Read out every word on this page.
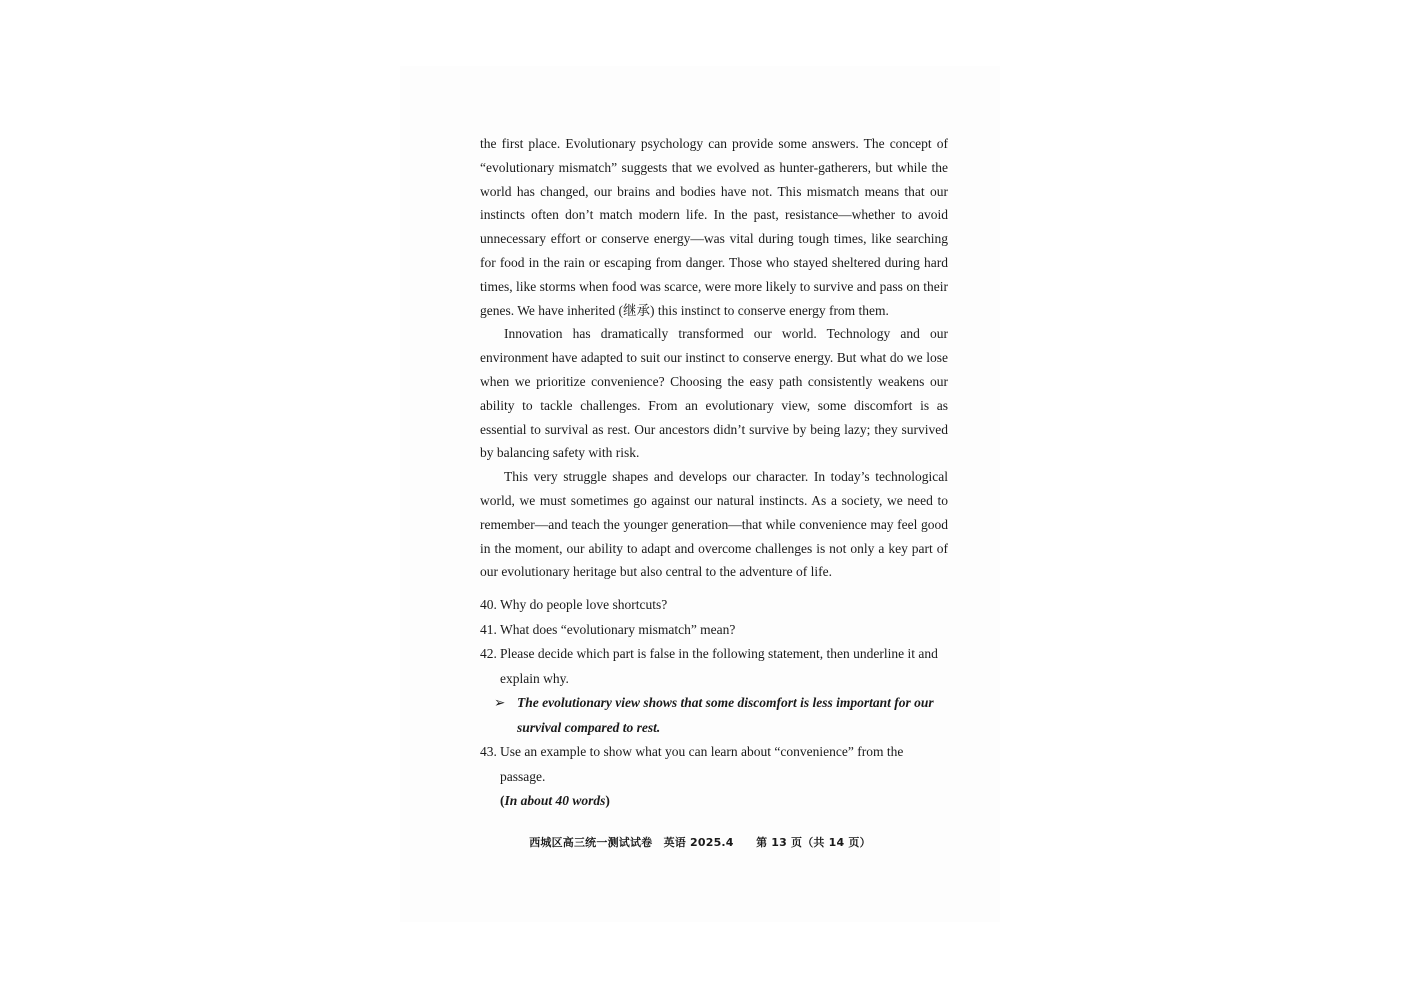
the first place. Evolutionary psychology can provide some answers. The concept of “evolutionary mismatch” suggests that we evolved as hunter-gatherers, but while the world has changed, our brains and bodies have not. This mismatch means that our instincts often don’t match modern life. In the past, resistance—whether to avoid unnecessary effort or conserve energy—was vital during tough times, like searching for food in the rain or escaping from danger. Those who stayed sheltered during hard times, like storms when food was scarce, were more likely to survive and pass on their genes. We have inherited (继承) this instinct to conserve energy from them.

Innovation has dramatically transformed our world. Technology and our environment have adapted to suit our instinct to conserve energy. But what do we lose when we prioritize convenience? Choosing the easy path consistently weakens our ability to tackle challenges. From an evolutionary view, some discomfort is as essential to survival as rest. Our ancestors didn’t survive by being lazy; they survived by balancing safety with risk.

This very struggle shapes and develops our character. In today’s technological world, we must sometimes go against our natural instincts. As a society, we need to remember—and teach the younger generation—that while convenience may feel good in the moment, our ability to adapt and overcome challenges is not only a key part of our evolutionary heritage but also central to the adventure of life.

40. Why do people love shortcuts?

41. What does “evolutionary mismatch” mean?

42. Please decide which part is false in the following statement, then underline it and explain why.

➢ The evolutionary view shows that some discomfort is less important for our survival compared to rest.

43. Use an example to show what you can learn about “convenience” from the passage.

(In about 40 words)

西城区高三统一测试试卷　英语 2025.4　　第 13 页（共 14 页）
